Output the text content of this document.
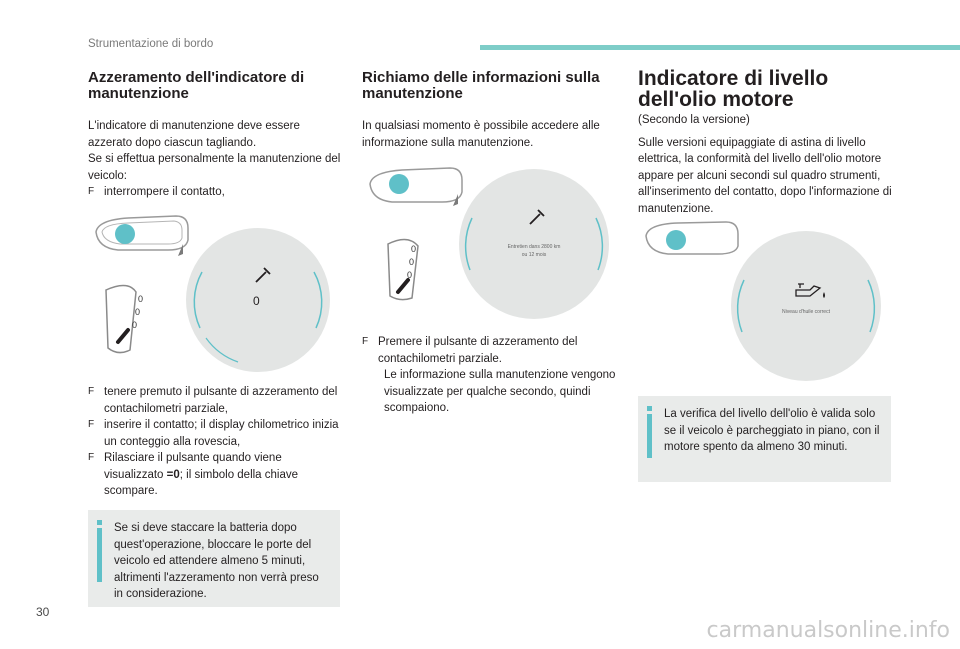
Strumentazione di bordo
Azzeramento dell'indicatore di manutenzione

L'indicatore di manutenzione deve essere azzerato dopo ciascun tagliando.

Se si effettua personalmente la manutenzione del veicolo:

F interrompere il contatto,
0
0
0
0
F tenere premuto il pulsante di azzeramento del contachilometri parziale,
F inserire il contatto; il display chilometrico inizia un conteggio alla rovescia,
F Rilasciare il pulsante quando viene visualizzato =0; il simbolo della chiave scompare.
Se si deve staccare la batteria dopo quest'operazione, bloccare le porte del veicolo ed attendere almeno 5 minuti, altrimenti l'azzeramento non verrà preso in considerazione.
Richiamo delle informazioni sulla manutenzione

In qualsiasi momento è possibile accedere alle informazione sulla manutenzione.

0
0
0
Entretien dans 2800 km
ou 12 mois
F Premere il pulsante di azzeramento del contachilometri parziale.

Le informazione sulla manutenzione vengono visualizzate per qualche secondo, quindi scompaiono.

Indicatore di livello dell'olio motore

(Secondo la versione)

Sulle versioni equipaggiate di astina di livello elettrica, la conformità del livello dell'olio motore appare per alcuni secondi sul quadro strumenti, all'inserimento del contatto, dopo l'informazione di manutenzione.

Niveau d'huile correct
La verifica del livello dell'olio è valida solo se il veicolo è parcheggiato in piano, con il motore spento da almeno 30 minuti.
30
carmanualsonline.info
